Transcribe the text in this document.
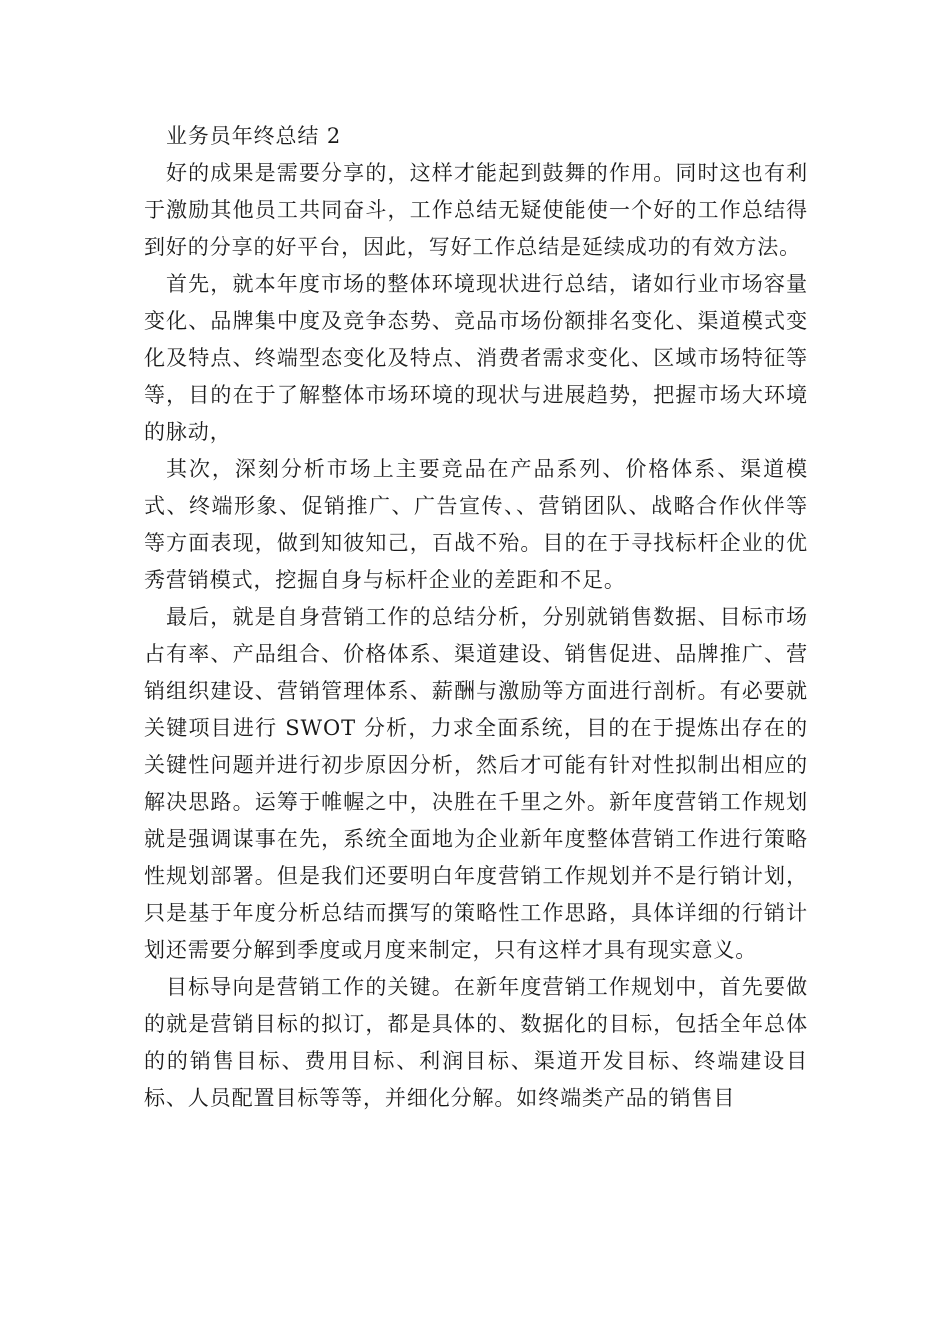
业务员年终总结 2

好的成果是需要分享的，这样才能起到鼓舞的作用。同时这也有利于激励其他员工共同奋斗，工作总结无疑使能使一个好的工作总结得到好的分享的好平台，因此，写好工作总结是延续成功的有效方法。

首先，就本年度市场的整体环境现状进行总结，诸如行业市场容量变化、品牌集中度及竞争态势、竞品市场份额排名变化、渠道模式变化及特点、终端型态变化及特点、消费者需求变化、区域市场特征等等，目的在于了解整体市场环境的现状与进展趋势，把握市场大环境的脉动，

其次，深刻分析市场上主要竞品在产品系列、价格体系、渠道模式、终端形象、促销推广、广告宣传、、营销团队、战略合作伙伴等等方面表现，做到知彼知己，百战不殆。目的在于寻找标杆企业的优秀营销模式，挖掘自身与标杆企业的差距和不足。

最后，就是自身营销工作的总结分析，分别就销售数据、目标市场占有率、产品组合、价格体系、渠道建设、销售促进、品牌推广、营销组织建设、营销管理体系、薪酬与激励等方面进行剖析。有必要就关键项目进行 SWOT 分析，力求全面系统，目的在于提炼出存在的关键性问题并进行初步原因分析，然后才可能有针对性拟制出相应的解决思路。运筹于帷幄之中，决胜在千里之外。新年度营销工作规划就是强调谋事在先，系统全面地为企业新年度整体营销工作进行策略性规划部署。但是我们还要明白年度营销工作规划并不是行销计划，只是基于年度分析总结而撰写的策略性工作思路，具体详细的行销计划还需要分解到季度或月度来制定，只有这样才具有现实意义。

目标导向是营销工作的关键。在新年度营销工作规划中，首先要做的就是营销目标的拟订，都是具体的、数据化的目标，包括全年总体的的销售目标、费用目标、利润目标、渠道开发目标、终端建设目标、人员配置目标等等，并细化分解。如终端类产品的销售目
